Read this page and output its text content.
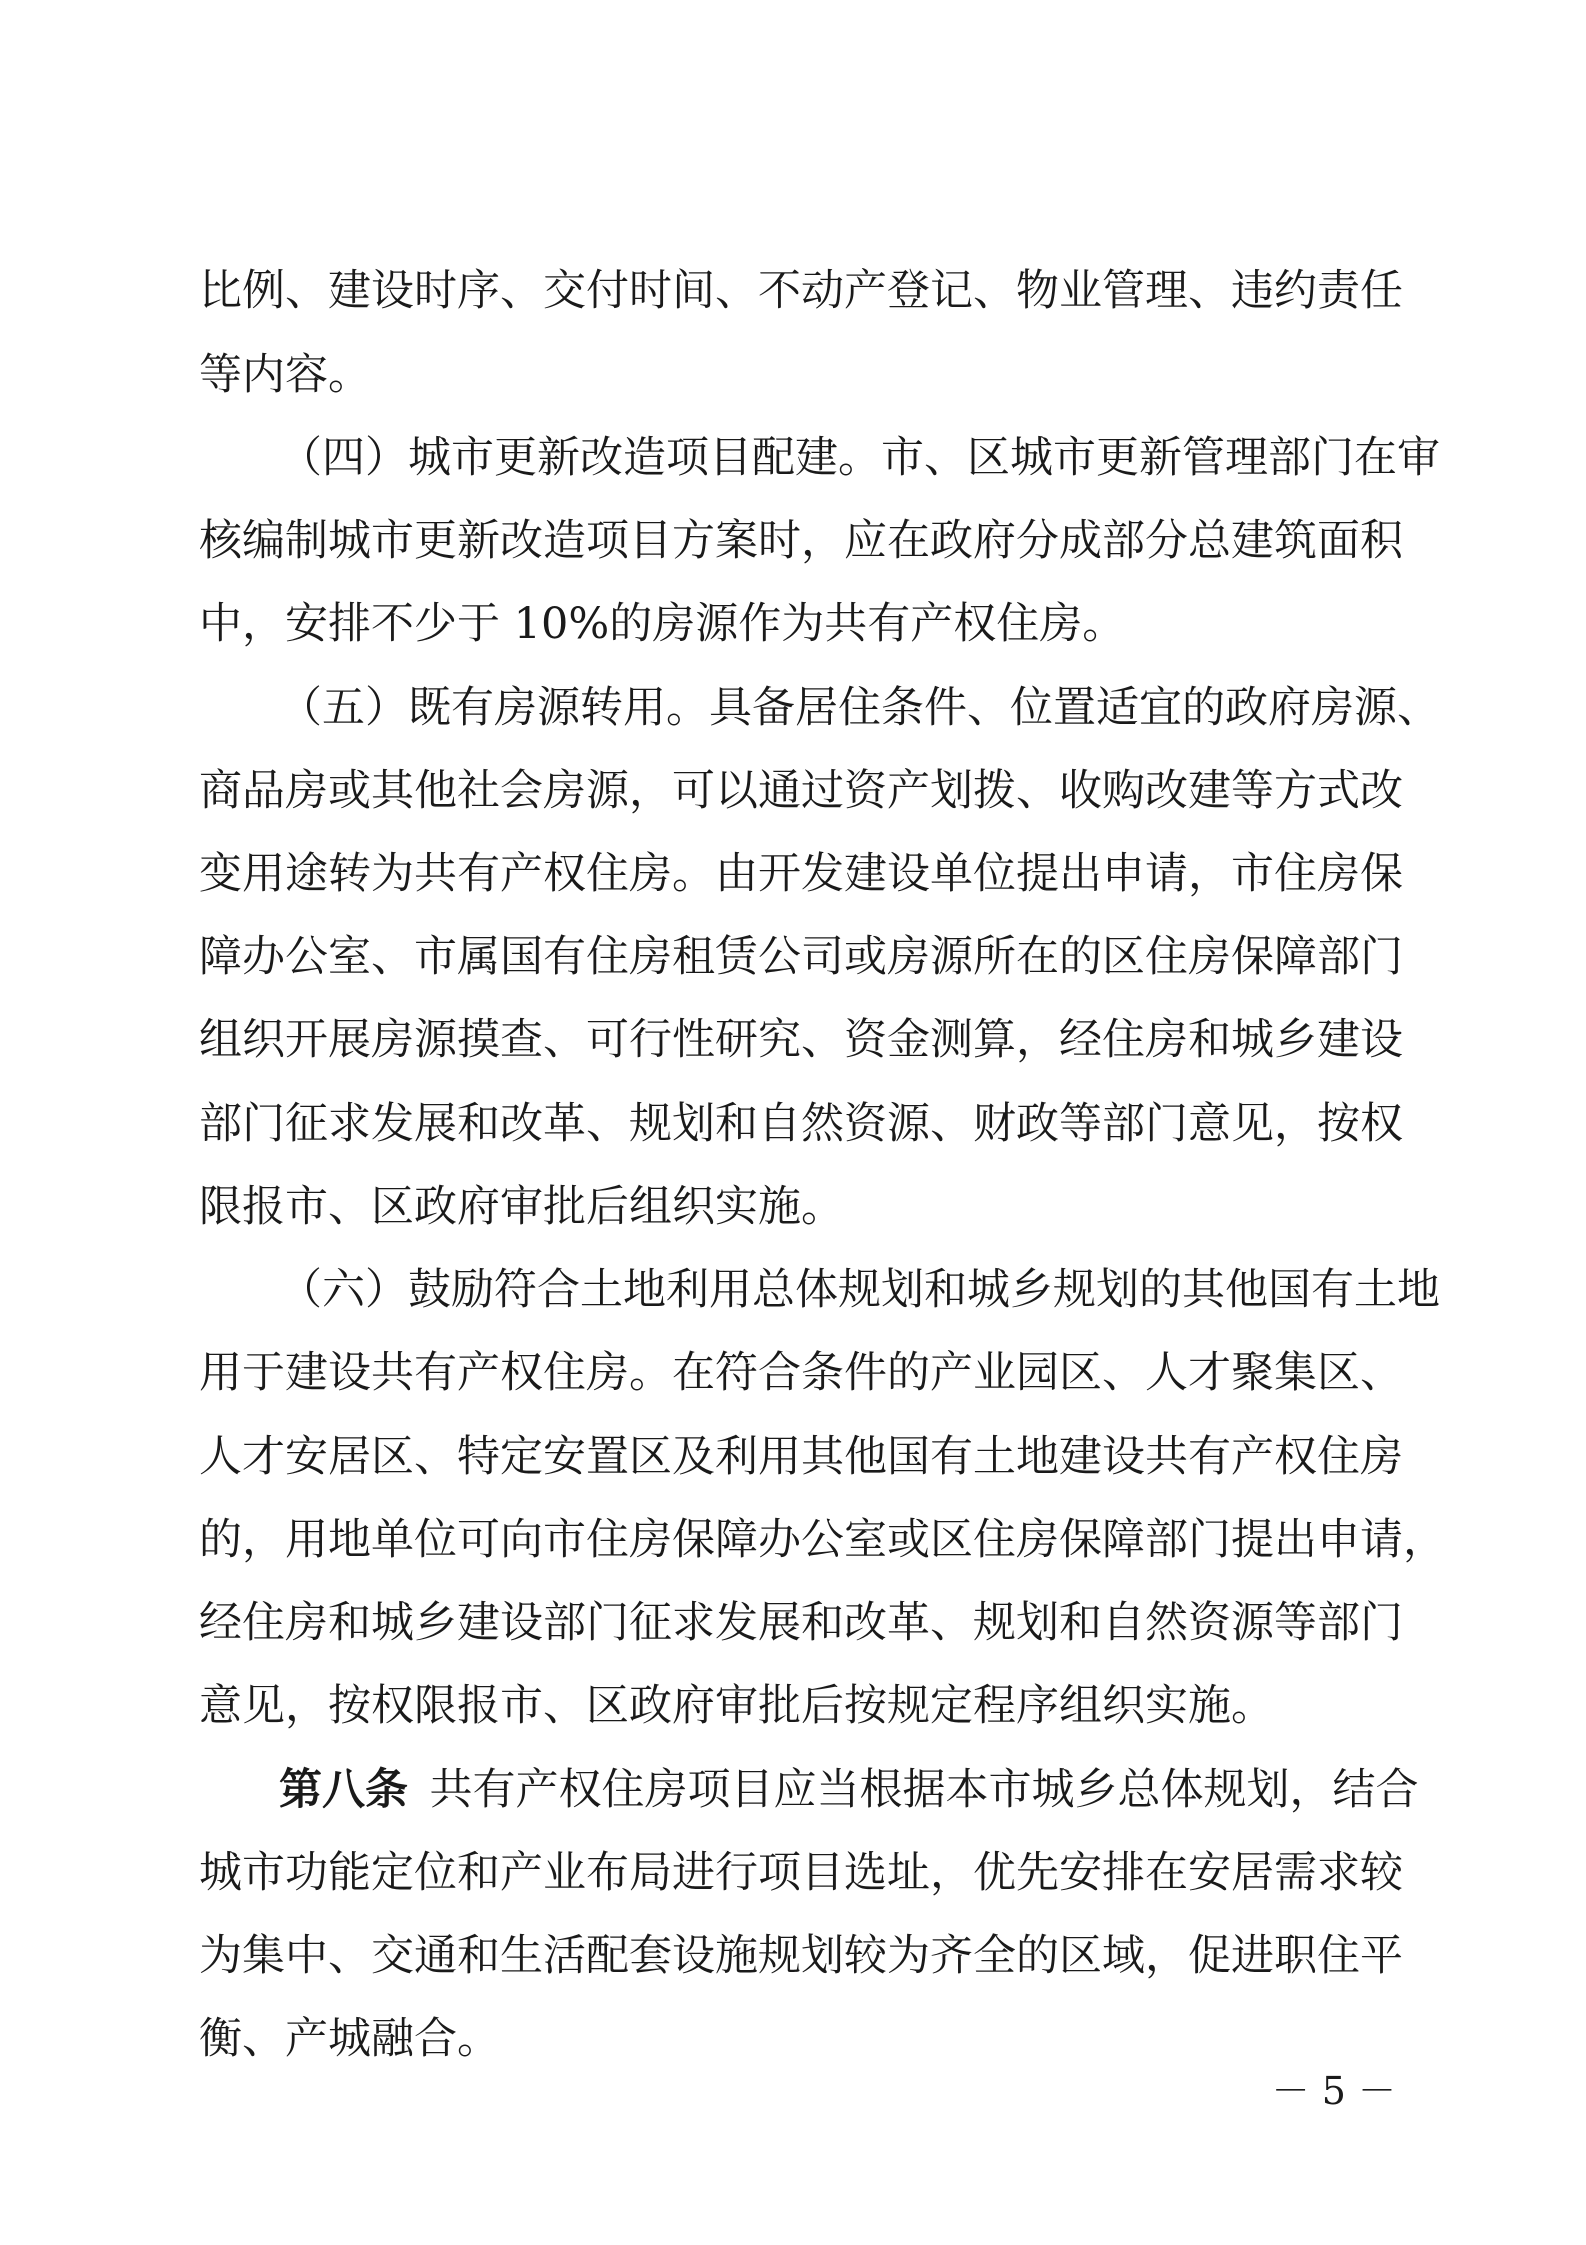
比例、建设时序、交付时间、不动产登记、物业管理、违约责任
等内容。
（四）城市更新改造项目配建。市、区城市更新管理部门在审
核编制城市更新改造项目方案时，应在政府分成部分总建筑面积
中，安排不少于 10%的房源作为共有产权住房。
（五）既有房源转用。具备居住条件、位置适宜的政府房源、
商品房或其他社会房源，可以通过资产划拨、收购改建等方式改
变用途转为共有产权住房。由开发建设单位提出申请，市住房保
障办公室、市属国有住房租赁公司或房源所在的区住房保障部门
组织开展房源摸查、可行性研究、资金测算，经住房和城乡建设
部门征求发展和改革、规划和自然资源、财政等部门意见，按权
限报市、区政府审批后组织实施。
（六）鼓励符合土地利用总体规划和城乡规划的其他国有土地
用于建设共有产权住房。在符合条件的产业园区、人才聚集区、
人才安居区、特定安置区及利用其他国有土地建设共有产权住房
的，用地单位可向市住房保障办公室或区住房保障部门提出申请，
经住房和城乡建设部门征求发展和改革、规划和自然资源等部门
意见，按权限报市、区政府审批后按规定程序组织实施。
第八条  共有产权住房项目应当根据本市城乡总体规划，结合
城市功能定位和产业布局进行项目选址，优先安排在安居需求较
为集中、交通和生活配套设施规划较为齐全的区域，促进职住平
衡、产城融合。
－ 5 －
